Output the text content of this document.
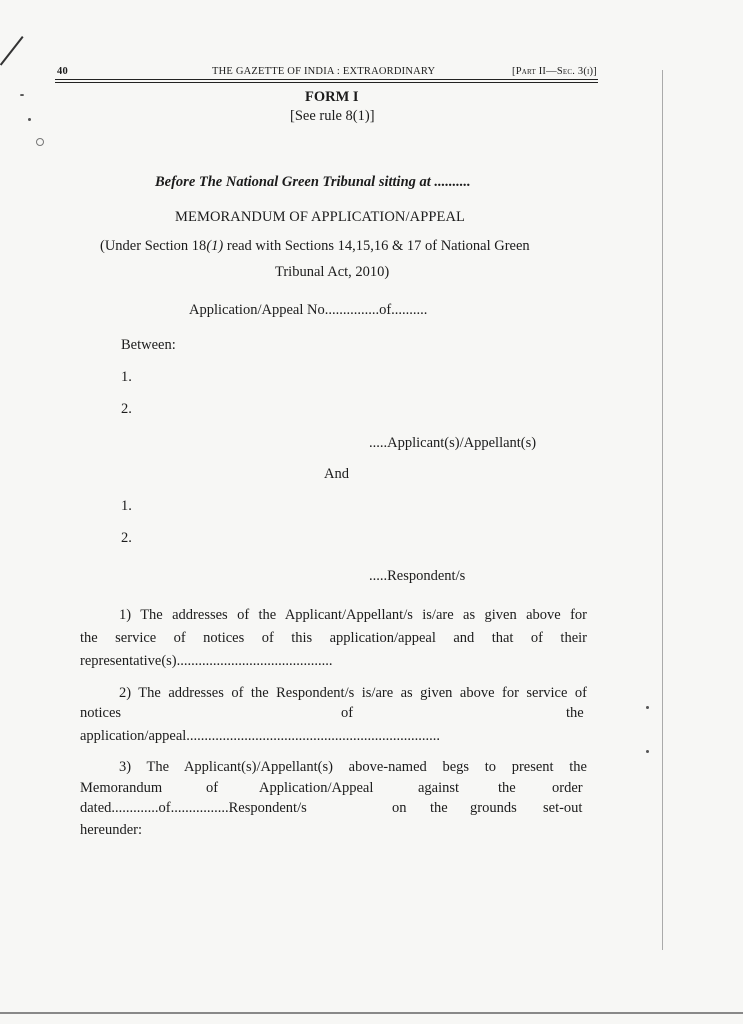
40	THE GAZETTE OF INDIA : EXTRAORDINARY	[Part II—Sec. 3(i)]
FORM I
[See rule 8(1)]
Before The National Green Tribunal sitting at ..........
MEMORANDUM OF APPLICATION/APPEAL
(Under Section 18(1) read with Sections 14,15,16 & 17 of National Green
Tribunal Act, 2010)
Application/Appeal No...............of..........
Between:
1.
2.
.....Applicant(s)/Appellant(s)
And
1.
2.
.....Respondent/s
1) The addresses of the Applicant/Appellant/s is/are as given above for
the service of notices of this application/appeal and that of their
representative(s)...........................................
2) The addresses of the Respondent/s is/are as given above for service of
notices	of	the
application/appeal......................................................................
3) The Applicant(s)/Appellant(s) above-named begs to present the
Memorandum	of	Application/Appeal	against	the	order
dated.............of................Respondent/s	on the grounds set-out
hereunder:
